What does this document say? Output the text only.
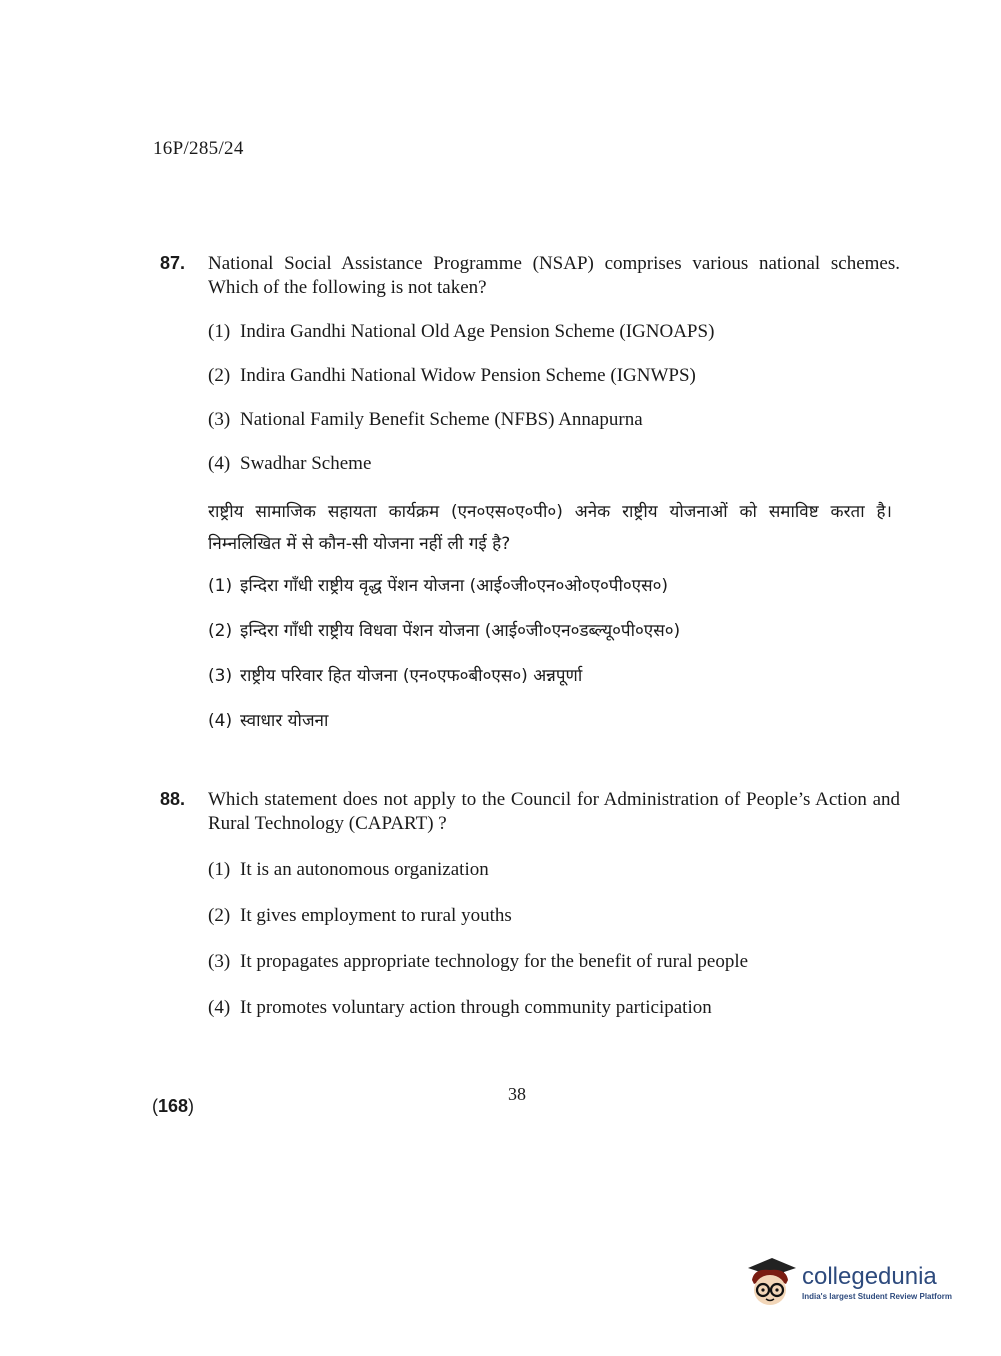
16P/285/24
87.	National Social Assistance Programme (NSAP) comprises various national schemes. Which of the following is not taken?
(1) Indira Gandhi National Old Age Pension Scheme (IGNOAPS)
(2) Indira Gandhi National Widow Pension Scheme (IGNWPS)
(3) National Family Benefit Scheme (NFBS) Annapurna
(4) Swadhar Scheme
राष्ट्रीय सामाजिक सहायता कार्यक्रम (एन०एस०ए०पी०) अनेक राष्ट्रीय योजनाओं को समाविष्ट करता है। निम्नलिखित में से कौन-सी योजना नहीं ली गई है?
(1) इन्दिरा गाँधी राष्ट्रीय वृद्ध पेंशन योजना (आई०जी०एन०ओ०ए०पी०एस०)
(2) इन्दिरा गाँधी राष्ट्रीय विधवा पेंशन योजना (आई०जी०एन०डब्ल्यू०पी०एस०)
(3) राष्ट्रीय परिवार हित योजना (एन०एफ०बी०एस०) अन्नपूर्णा
(4) स्वाधार योजना
88.	Which statement does not apply to the Council for Administration of People’s Action and Rural Technology (CAPART) ?
(1) It is an autonomous organization
(2) It gives employment to rural youths
(3) It propagates appropriate technology for the benefit of rural people
(4) It promotes voluntary action through community participation
(168)
38
collegedunia
India's largest Student Review Platform
